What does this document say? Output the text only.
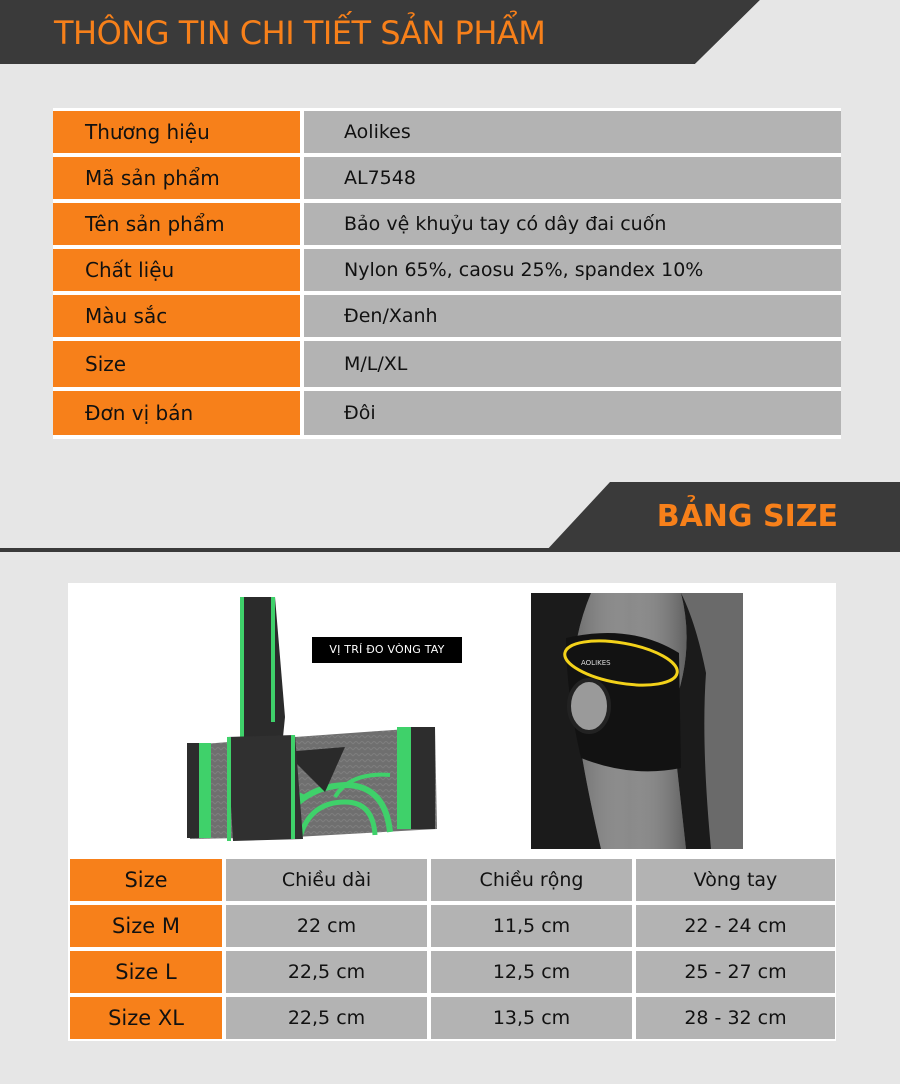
THÔNG TIN CHI TIẾT SẢN PHẨM
Thương hiệu	Aolikes
Mã sản phẩm	AL7548
Tên sản phẩm	Bảo vệ khuỷu tay có dây đai cuốn
Chất liệu	Nylon 65%, caosu 25%, spandex 10%
Màu sắc	Đen/Xanh
Size	M/L/XL
Đơn vị bán	Đôi
BẢNG SIZE
VỊ TRÍ ĐO VÒNG TAY
AOLIKES
Size	Chiều dài	Chiều rộng	Vòng tay
Size M	22 cm	11,5 cm	22 - 24 cm
Size L	22,5 cm	12,5 cm	25 - 27 cm
Size XL	22,5 cm	13,5 cm	28 - 32 cm
